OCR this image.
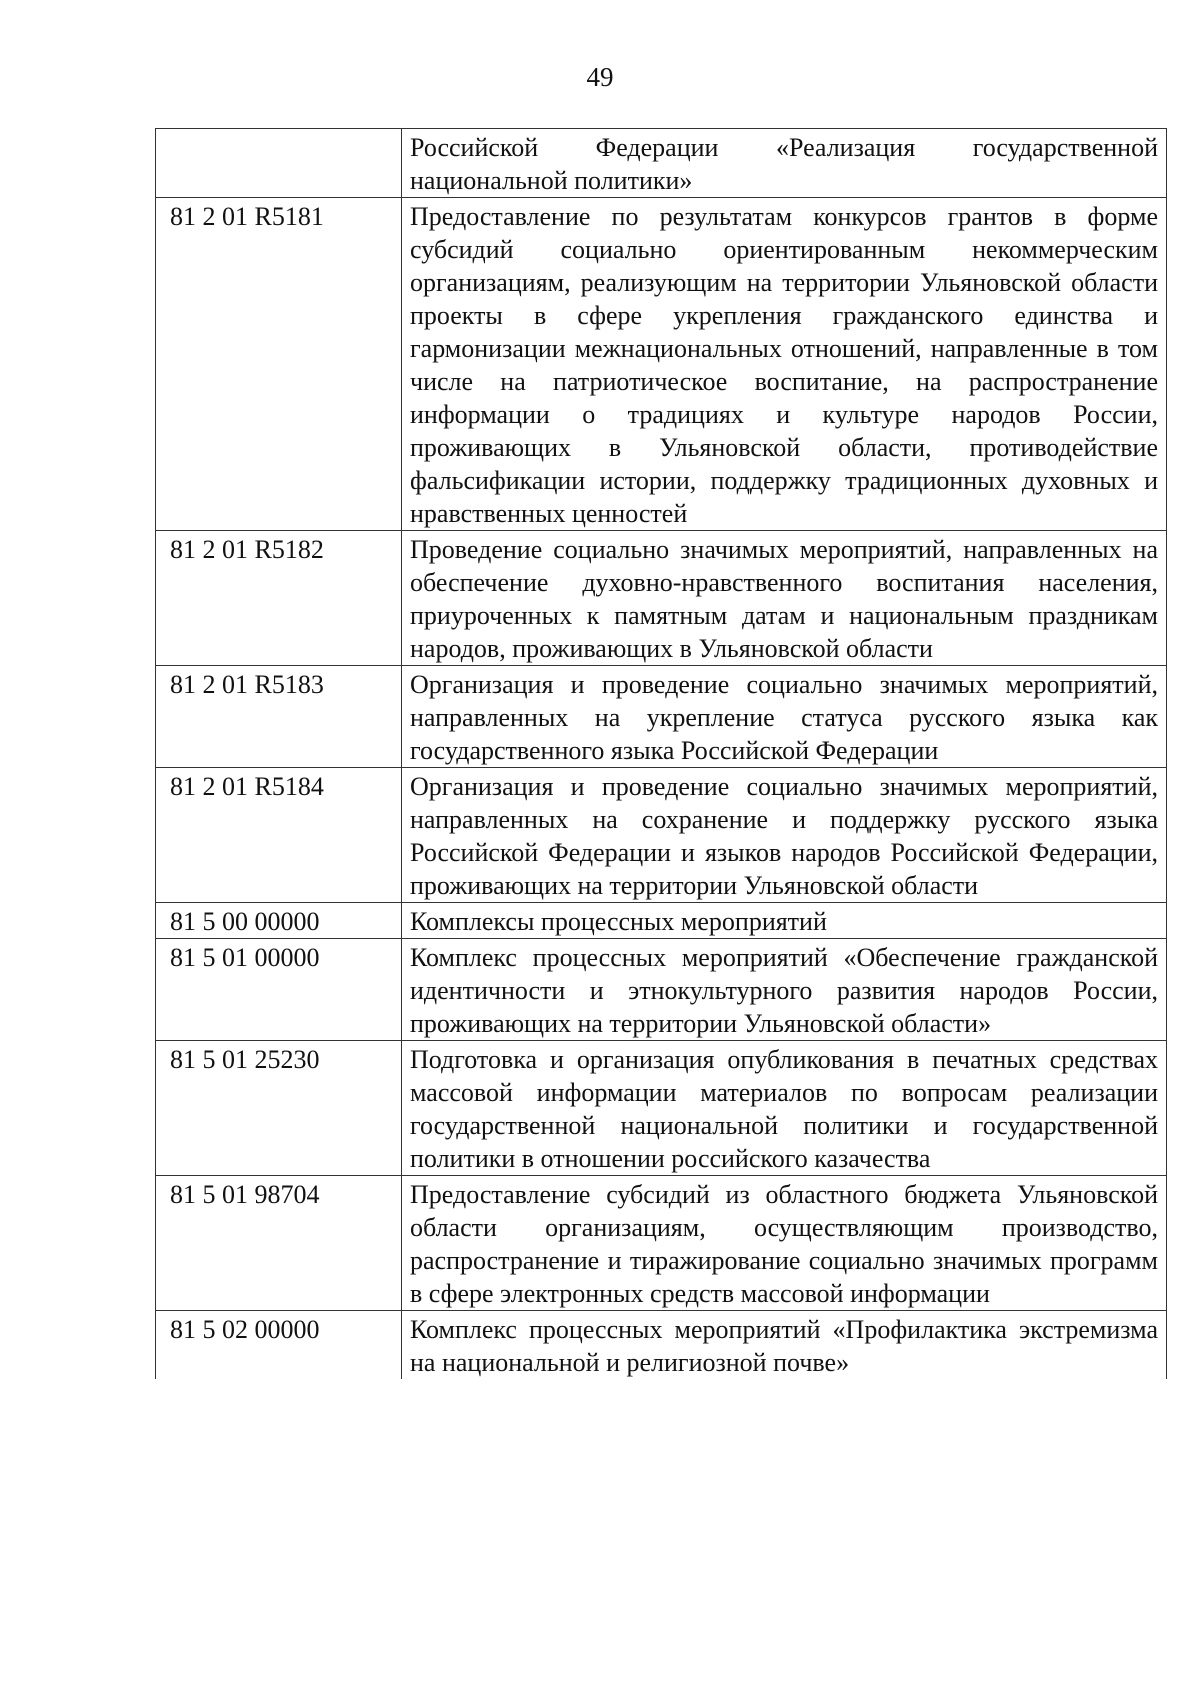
49
	Российской Федерации «Реализация государственной национальной политики»
81 2 01 R5181	Предоставление по результатам конкурсов грантов в форме субсидий социально ориентированным некоммерческим организациям, реализующим на территории Ульяновской области проекты в сфере укрепления гражданского единства и гармонизации межнациональных отношений, направленные в том числе на патриотическое воспитание, на распространение информации о традициях и культуре народов России, проживающих в Ульяновской области, противодействие фальсификации истории, поддержку традиционных духовных и нравственных ценностей
81 2 01 R5182	Проведение социально значимых мероприятий, направленных на обеспечение духовно-нравственного воспитания населения, приуроченных к памятным датам и национальным праздникам народов, проживающих в Ульяновской области
81 2 01 R5183	Организация и проведение социально значимых мероприятий, направленных на укрепление статуса русского языка как государственного языка Российской Федерации
81 2 01 R5184	Организация и проведение социально значимых мероприятий, направленных на сохранение и поддержку русского языка Российской Федерации и языков народов Российской Федерации, проживающих на территории Ульяновской области
81 5 00 00000	Комплексы процессных мероприятий
81 5 01 00000	Комплекс процессных мероприятий «Обеспечение гражданской идентичности и этнокультурного развития народов России, проживающих на территории Ульяновской области»
81 5 01 25230	Подготовка и организация опубликования в печатных средствах массовой информации материалов по вопросам реализации государственной национальной политики и государственной политики в отношении российского казачества
81 5 01 98704	Предоставление субсидий из областного бюджета Ульяновской области организациям, осуществляющим производство, распространение и тиражирование социально значимых программ в сфере электронных средств массовой информации
81 5 02 00000	Комплекс процессных мероприятий «Профилактика экстремизма на национальной и религиозной почве»
